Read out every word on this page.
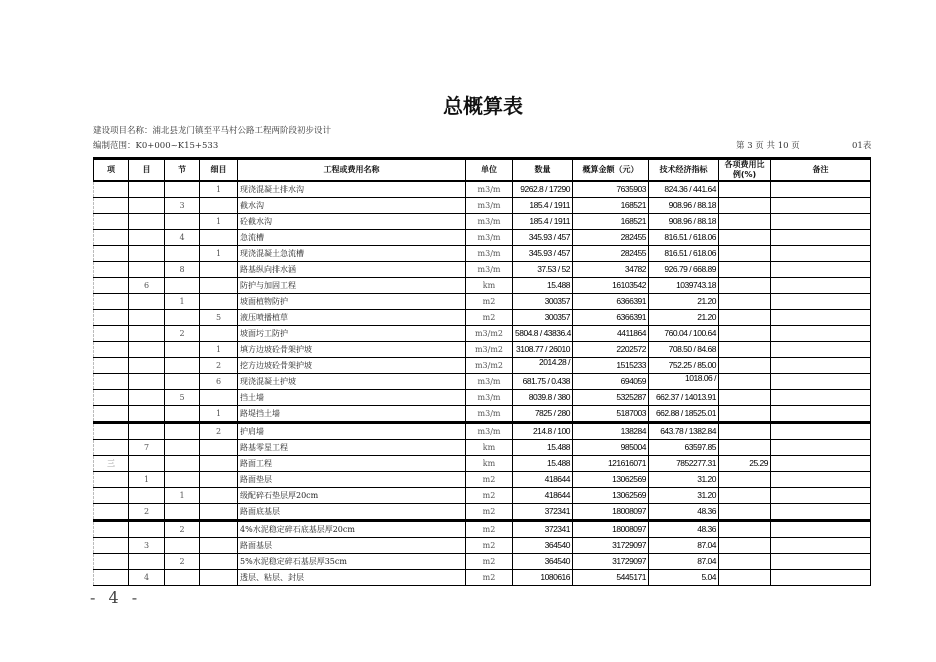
总概算表
建设项目名称：浦北县龙门镇至平马村公路工程两阶段初步设计
编制范围：K0+000~K15+533	第 3 页 共 10 页	01表
项	目	节	细目	工程或费用名称	单位	数量	概算金额（元）	技术经济指标	各项费用比例(%)	备注
			1	现浇混凝土排水沟	m3/m	9262.8 / 17290	7635903	824.36 / 441.64		
		3		截水沟	m3/m	185.4 / 1911	168521	908.96 / 88.18		
			1	砼截水沟	m3/m	185.4 / 1911	168521	908.96 / 88.18		
		4		急流槽	m3/m	345.93 / 457	282455	816.51 / 618.06		
			1	现浇混凝土急流槽	m3/m	345.93 / 457	282455	816.51 / 618.06		
		8		路基纵向排水涵	m3/m	37.53 / 52	34782	926.79 / 668.89		
	6			防护与加固工程	km	15.488	16103542	1039743.18		
		1		坡面植物防护	m2	300357	6366391	21.20		
			5	液压喷播植草	m2	300357	6366391	21.20		
		2		坡面圬工防护	m3/m2	5804.8 / 43836.4	4411864	760.04 / 100.64		
			1	填方边坡砼骨架护坡	m3/m2	3108.77 / 26010	2202572	708.50 / 84.68		
			2	挖方边坡砼骨架护坡	m3/m2	2014.28 /	1515233	752.25 / 85.00		
			6	现浇混凝土护坡	m3/m	681.75 / 0.438	694059	1018.06 /		
		5		挡土墙	m3/m	8039.8 / 380	5325287	662.37 / 14013.91		
			1	路堤挡土墙	m3/m	7825 / 280	5187003	662.88 / 18525.01		
			2	护肩墙	m3/m	214.8 / 100	138284	643.78 / 1382.84		
	7			路基零星工程	km	15.488	985004	63597.85		
三				路面工程	km	15.488	121616071	7852277.31	25.29	
	1			路面垫层	m2	418644	13062569	31.20		
		1		级配碎石垫层厚20cm	m2	418644	13062569	31.20		
	2			路面底基层	m2	372341	18008097	48.36		
		2		4%水泥稳定碎石底基层厚20cm	m2	372341	18008097	48.36		
	3			路面基层	m2	364540	31729097	87.04		
		2		5%水泥稳定碎石基层厚35cm	m2	364540	31729097	87.04		
	4			透层、粘层、封层	m2	1080616	5445171	5.04		
- 4 -
